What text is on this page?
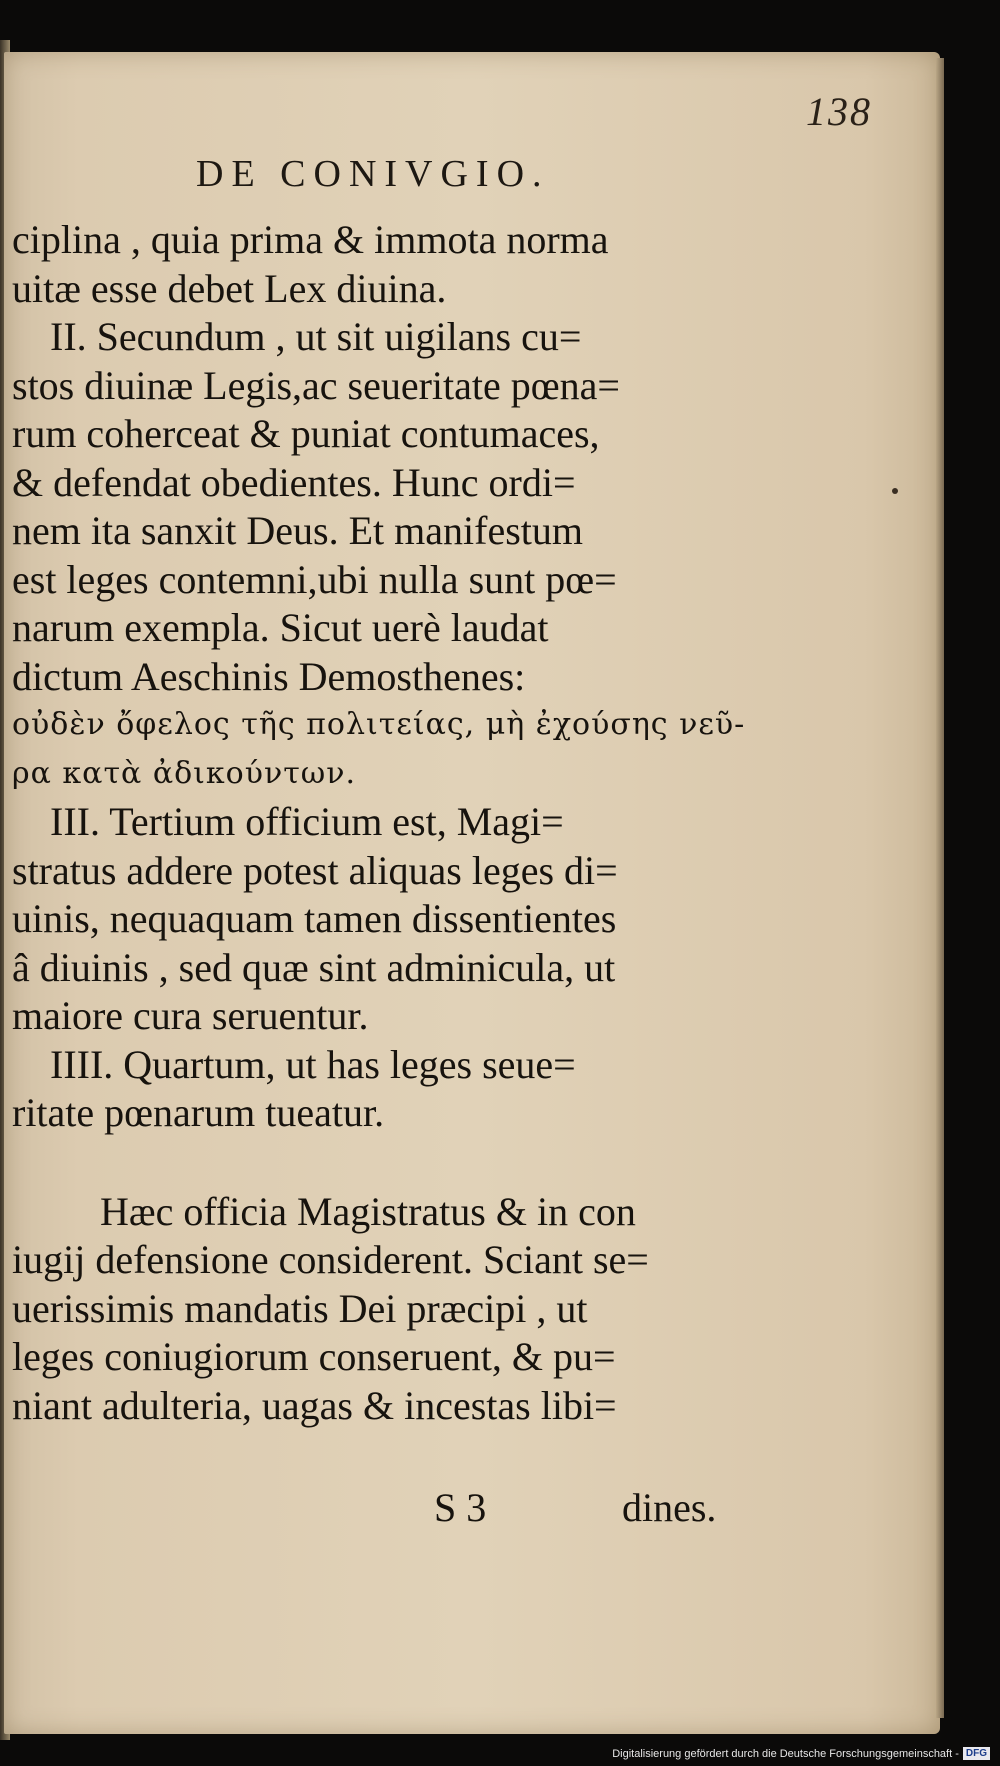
138
DE CONIVGIO.
ciplina , quia prima & immota norma
uitæ esse debet Lex diuina.
II. Secundum , ut sit uigilans cu=
stos diuinæ Legis,ac seueritate pœna=
rum coherceat & puniat contumaces,
& defendat obedientes. Hunc ordi=
nem ita sanxit Deus. Et manifestum
est leges contemni,ubi nulla sunt pœ=
narum exempla. Sicut uerè laudat
dictum Aeschinis Demosthenes:
οὐδὲν ὄφελος τῆς πολιτείας, μὴ ἐχούσης νεῦ-
ρα κατὰ ἀδικούντων.
III. Tertium officium est, Magi=
stratus addere potest aliquas leges di=
uinis, nequaquam tamen dissentientes
â diuinis , sed quæ sint adminicula, ut
maiore cura seruentur.
IIII. Quartum, ut has leges seue=
ritate pœnarum tueatur.
Hæc officia Magistratus & in con
iugij defensione considerent. Sciant se=
uerissimis mandatis Dei præcipi , ut
leges coniugiorum conseruent, & pu=
niant adulteria, uagas & incestas libi=
S 3	dines.
Digitalisierung gefördert durch die Deutsche Forschungsgemeinschaft - DFG
